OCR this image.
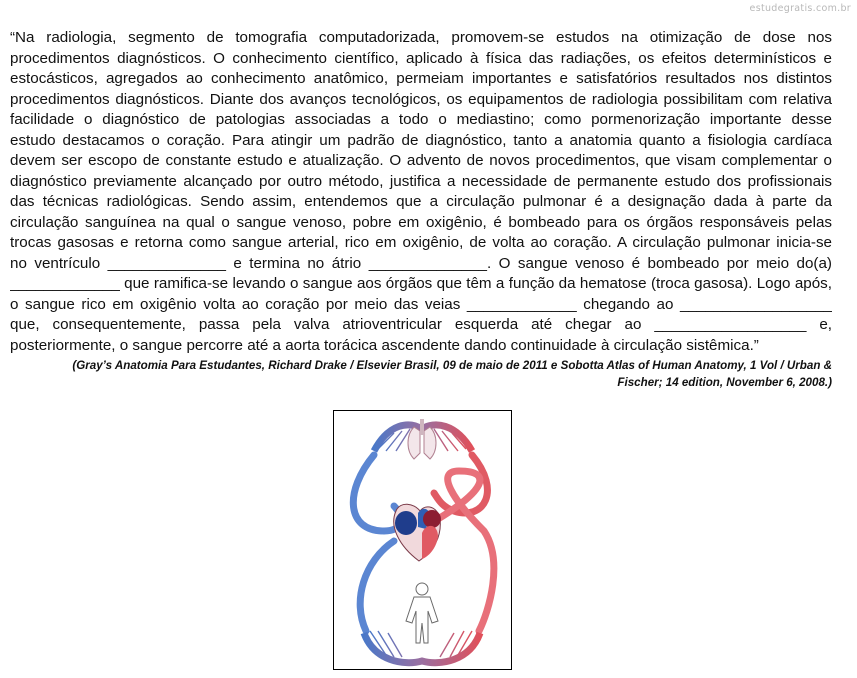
estudegratis.com.br
“Na radiologia, segmento de tomografia computadorizada, promovem-se estudos na otimização de dose nos
procedimentos diagnósticos. O conhecimento científico, aplicado à física das radiações, os efeitos determinísticos e
estocásticos, agregados ao conhecimento anatômico, permeiam importantes e satisfatórios resultados nos distintos
procedimentos diagnósticos. Diante dos avanços tecnológicos, os equipamentos de radiologia possibilitam com relativa
facilidade o diagnóstico de patologias associadas a todo o mediastino; como pormenorização importante desse
estudo destacamos o coração. Para atingir um padrão de diagnóstico, tanto a anatomia quanto a fisiologia cardíaca
devem ser escopo de constante estudo e atualização. O advento de novos procedimentos, que visam complementar o
diagnóstico previamente alcançado por outro método, justifica a necessidade de permanente estudo dos profissionais
das técnicas radiológicas. Sendo assim, entendemos que a circulação pulmonar é a designação dada à parte da
circulação sanguínea na qual o sangue venoso, pobre em oxigênio, é bombeado para os órgãos responsáveis pelas
trocas gasosas e retorna como sangue arterial, rico em oxigênio, de volta ao coração. A circulação pulmonar inicia-se
no ventrículo ______________ e termina no átrio ______________. O sangue venoso é bombeado por meio do(a)
_____________ que ramifica-se levando o sangue aos órgãos que têm a função da hematose (troca gasosa). Logo após,
o sangue rico em oxigênio volta ao coração por meio das veias _____________ chegando ao __________________
que, consequentemente, passa pela valva atrioventricular esquerda até chegar ao __________________ e,
posteriormente, o sangue percorre até a aorta torácica ascendente dando continuidade à circulação sistêmica.”
(Gray’s Anatomia Para Estudantes, Richard Drake / Elsevier Brasil, 09 de maio de 2011 e Sobotta Atlas of Human Anatomy, 1 Vol / Urban &
Fischer; 14 edition, November 6, 2008.)
